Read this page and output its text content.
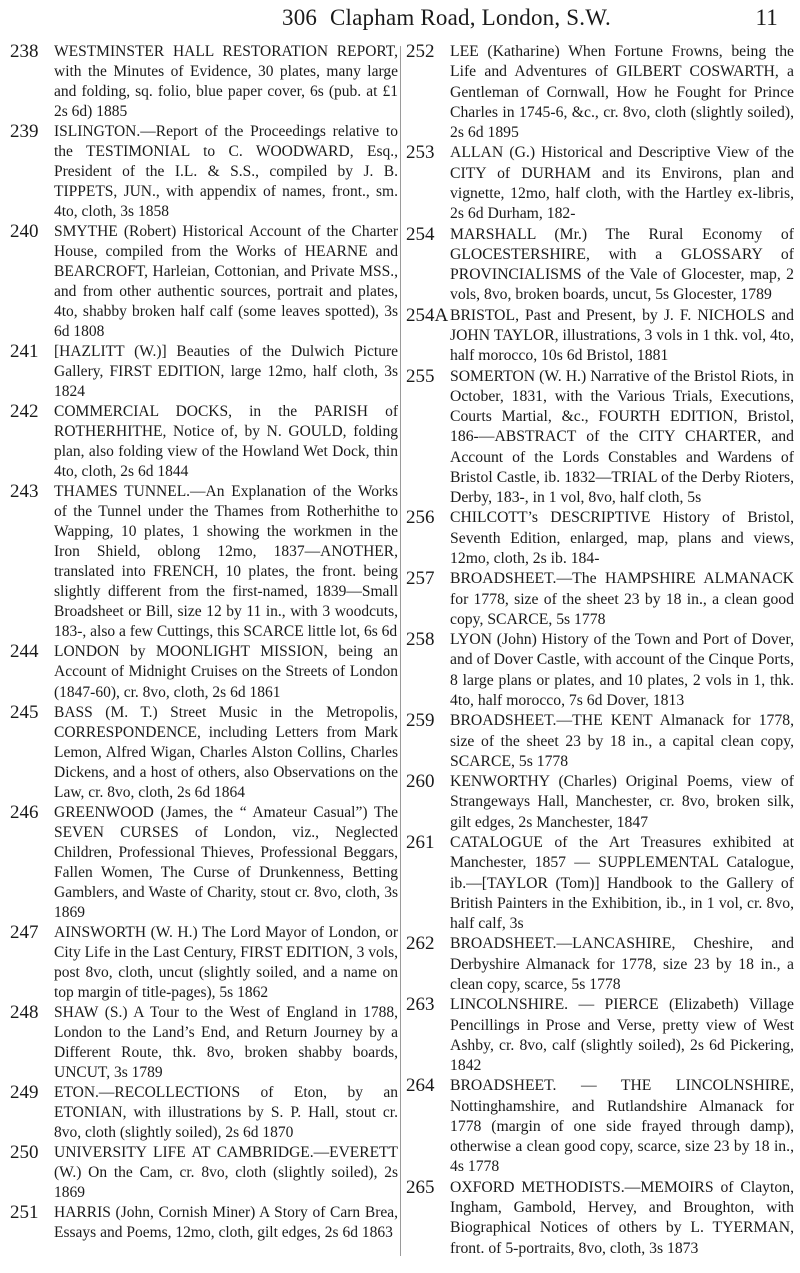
306 Clapham Road, London, S.W.	11
238 WESTMINSTER HALL RESTORATION REPORT, with the Minutes of Evidence, 30 plates, many large and folding, sq. folio, blue paper cover, 6s (pub. at £1 2s 6d) 1885
239 ISLINGTON.—Report of the Proceedings relative to the TESTIMONIAL to C. WOODWARD, Esq., President of the I.L. & S.S., compiled by J. B. TIPPETS, JUN., with appendix of names, front., sm. 4to, cloth, 3s 1858
240 SMYTHE (Robert) Historical Account of the Charter House, compiled from the Works of HEARNE and BEARCROFT, Harleian, Cottonian, and Private MSS., and from other authentic sources, portrait and plates, 4to, shabby broken half calf (some leaves spotted), 3s 6d 1808
241 [HAZLITT (W.)] Beauties of the Dulwich Picture Gallery, FIRST EDITION, large 12mo, half cloth, 3s 1824
242 COMMERCIAL DOCKS, in the PARISH of ROTHERHITHE, Notice of, by N. GOULD, folding plan, also folding view of the Howland Wet Dock, thin 4to, cloth, 2s 6d 1844
243 THAMES TUNNEL.—An Explanation of the Works of the Tunnel under the Thames from Rotherhithe to Wapping, 10 plates, 1 showing the workmen in the Iron Shield, oblong 12mo, 1837—ANOTHER, translated into FRENCH, 10 plates, the front. being slightly different from the first-named, 1839—Small Broadsheet or Bill, size 12 by 11 in., with 3 woodcuts, 183-, also a few Cuttings, this SCARCE little lot, 6s 6d
244 LONDON by MOONLIGHT MISSION, being an Account of Midnight Cruises on the Streets of London (1847-60), cr. 8vo, cloth, 2s 6d 1861
245 BASS (M. T.) Street Music in the Metropolis, CORRESPONDENCE, including Letters from Mark Lemon, Alfred Wigan, Charles Alston Collins, Charles Dickens, and a host of others, also Observations on the Law, cr. 8vo, cloth, 2s 6d 1864
246 GREENWOOD (James, the “ Amateur Casual”) The SEVEN CURSES of London, viz., Neglected Children, Professional Thieves, Professional Beggars, Fallen Women, The Curse of Drunkenness, Betting Gamblers, and Waste of Charity, stout cr. 8vo, cloth, 3s 1869
247 AINSWORTH (W. H.) The Lord Mayor of London, or City Life in the Last Century, FIRST EDITION, 3 vols, post 8vo, cloth, uncut (slightly soiled, and a name on top margin of title-pages), 5s 1862
248 SHAW (S.) A Tour to the West of England in 1788, London to the Land’s End, and Return Journey by a Different Route, thk. 8vo, broken shabby boards, UNCUT, 3s 1789
249 ETON.—RECOLLECTIONS of Eton, by an ETONIAN, with illustrations by S. P. Hall, stout cr. 8vo, cloth (slightly soiled), 2s 6d 1870
250 UNIVERSITY LIFE AT CAMBRIDGE.—EVERETT (W.) On the Cam, cr. 8vo, cloth (slightly soiled), 2s 1869
251 HARRIS (John, Cornish Miner) A Story of Carn Brea, Essays and Poems, 12mo, cloth, gilt edges, 2s 6d 1863
252 LEE (Katharine) When Fortune Frowns, being the Life and Adventures of GILBERT COSWARTH, a Gentleman of Cornwall, How he Fought for Prince Charles in 1745-6, &c., cr. 8vo, cloth (slightly soiled), 2s 6d 1895
253 ALLAN (G.) Historical and Descriptive View of the CITY of DURHAM and its Environs, plan and vignette, 12mo, half cloth, with the Hartley ex-libris, 2s 6d Durham, 182-
254 MARSHALL (Mr.) The Rural Economy of GLOCESTERSHIRE, with a GLOSSARY of PROVINCIALISMS of the Vale of Glocester, map, 2 vols, 8vo, broken boards, uncut, 5s Glocester, 1789
254A BRISTOL, Past and Present, by J. F. NICHOLS and JOHN TAYLOR, illustrations, 3 vols in 1 thk. vol, 4to, half morocco, 10s 6d Bristol, 1881
255 SOMERTON (W. H.) Narrative of the Bristol Riots, in October, 1831, with the Various Trials, Executions, Courts Martial, &c., FOURTH EDITION, Bristol, 186-—ABSTRACT of the CITY CHARTER, and Account of the Lords Constables and Wardens of Bristol Castle, ib. 1832—TRIAL of the Derby Rioters, Derby, 183-, in 1 vol, 8vo, half cloth, 5s
256 CHILCOTT’s DESCRIPTIVE History of Bristol, Seventh Edition, enlarged, map, plans and views, 12mo, cloth, 2s ib. 184-
257 BROADSHEET.—The HAMPSHIRE ALMANACK for 1778, size of the sheet 23 by 18 in., a clean good copy, SCARCE, 5s 1778
258 LYON (John) History of the Town and Port of Dover, and of Dover Castle, with account of the Cinque Ports, 8 large plans or plates, and 10 plates, 2 vols in 1, thk. 4to, half morocco, 7s 6d Dover, 1813
259 BROADSHEET.—THE KENT Almanack for 1778, size of the sheet 23 by 18 in., a capital clean copy, SCARCE, 5s 1778
260 KENWORTHY (Charles) Original Poems, view of Strangeways Hall, Manchester, cr. 8vo, broken silk, gilt edges, 2s Manchester, 1847
261 CATALOGUE of the Art Treasures exhibited at Manchester, 1857 — SUPPLEMENTAL Catalogue, ib.—[TAYLOR (Tom)] Handbook to the Gallery of British Painters in the Exhibition, ib., in 1 vol, cr. 8vo, half calf, 3s
262 BROADSHEET.—LANCASHIRE, Cheshire, and Derbyshire Almanack for 1778, size 23 by 18 in., a clean copy, scarce, 5s 1778
263 LINCOLNSHIRE. — PIERCE (Elizabeth) Village Pencillings in Prose and Verse, pretty view of West Ashby, cr. 8vo, calf (slightly soiled), 2s 6d Pickering, 1842
264 BROADSHEET. — THE LINCOLNSHIRE, Nottinghamshire, and Rutlandshire Almanack for 1778 (margin of one side frayed through damp), otherwise a clean good copy, scarce, size 23 by 18 in., 4s 1778
265 OXFORD METHODISTS.—MEMOIRS of Clayton, Ingham, Gambold, Hervey, and Broughton, with Biographical Notices of others by L. TYERMAN, front. of 5-portraits, 8vo, cloth, 3s 1873
